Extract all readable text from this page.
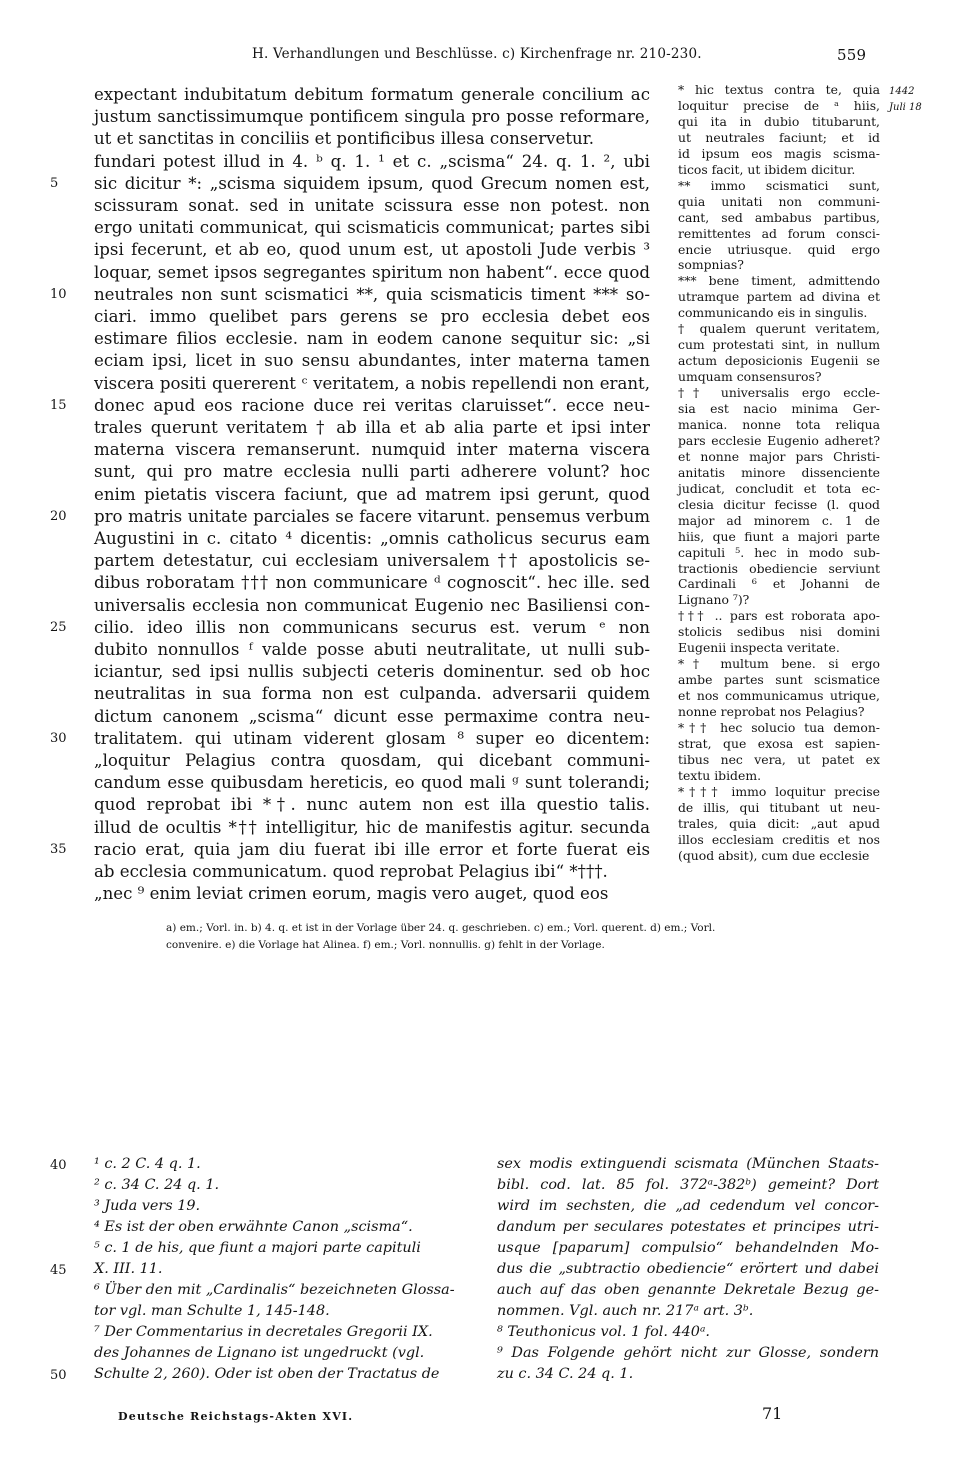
H. Verhandlungen und Beschlüsse. c) Kirchenfrage nr. 210-230.	559
expectant indubitatum debitum formatum generale concilium ac
justum sanctissimumque pontificem singula pro posse reformare,
ut et sanctitas in conciliis et pontificibus illesa conservetur.
fundari potest illud in 4. ᵇ q. 1. ¹ et c. „scisma“ 24. q. 1. ², ubi
sic dicitur *: „scisma siquidem ipsum, quod Grecum nomen est,
5
scissuram sonat. sed in unitate scissura esse non potest. non
ergo unitati communicat, qui scismaticis communicat; partes sibi
ipsi fecerunt, et ab eo, quod unum est, ut apostoli Jude verbis ³
loquar, semet ipsos segregantes spiritum non habent“. ecce quod
neutrales non sunt scismatici **, quia scismaticis timent *** so-
10
ciari. immo quelibet pars gerens se pro ecclesia debet eos
estimare filios ecclesie. nam in eodem canone sequitur sic: „si
eciam ipsi, licet in suo sensu abundantes, inter materna tamen
viscera positi quererent ᶜ veritatem, a nobis repellendi non erant,
donec apud eos racione duce rei veritas claruisset“. ecce neu-
15
trales querunt veritatem † ab illa et ab alia parte et ipsi inter
materna viscera remanserunt. numquid inter materna viscera
sunt, qui pro matre ecclesia nulli parti adherere volunt? hoc
enim pietatis viscera faciunt, que ad matrem ipsi gerunt, quod
pro matris unitate parciales se facere vitarunt. pensemus verbum
20
Augustini in c. citato ⁴ dicentis: „omnis catholicus securus eam
partem detestatur, cui ecclesiam universalem †† apostolicis se-
dibus roboratam ††† non communicare ᵈ cognoscit“. hec ille. sed
universalis ecclesia non communicat Eugenio nec Basiliensi con-
cilio. ideo illis non communicans securus est. verum ᵉ non
25
dubito nonnullos ᶠ valde posse abuti neutralitate, ut nulli sub-
iciantur, sed ipsi nullis subjecti ceteris dominentur. sed ob hoc
neutralitas in sua forma non est culpanda. adversarii quidem
dictum canonem „scisma“ dicunt esse permaxime contra neu-
tralitatem. qui utinam viderent glosam ⁸ super eo dicentem:
30
„loquitur Pelagius contra quosdam, qui dicebant communi-
candum esse quibusdam hereticis, eo quod mali ᵍ sunt tolerandi;
quod reprobat ibi *†. nunc autem non est illa questio talis.
illud de ocultis *†† intelligitur, hic de manifestis agitur. secunda
racio erat, quia jam diu fuerat ibi ille error et forte fuerat eis
35
ab ecclesia communicatum. quod reprobat Pelagius ibi“ *†††.
„nec ⁹ enim leviat crimen eorum, magis vero auget, quod eos
* hic textus contra te, quia
loquitur precise de ᵃ hiis,
qui ita in dubio titubarunt,
ut neutrales faciunt; et id
id ipsum eos magis scisma-
ticos facit, ut ibidem dicitur.
** immo scismatici sunt,
quia unitati non communi-
cant, sed ambabus partibus,
remittentes ad forum consci-
encie utriusque. quid ergo
sompnias?
*** bene timent, admittendo
utramque partem ad divina et
communicando eis in singulis.
† qualem querunt veritatem,
cum protestati sint, in nullum
actum deposicionis Eugenii se
umquam consensuros?
†† universalis ergo eccle-
sia est nacio minima Ger-
manica. nonne tota reliqua
pars ecclesie Eugenio adheret?
et nonne major pars Christi-
anitatis minore dissenciente
judicat, concludit et tota ec-
clesia dicitur fecisse (l. quod
major ad minorem c. 1 de
hiis, que fiunt a majori parte
capituli ⁵. hec in modo sub-
tractionis obediencie serviunt
Cardinali ⁶ et Johanni de
Lignano ⁷)?
††† .. pars est roborata apo-
stolicis sedibus nisi domini
Eugenii inspecta veritate.
*† multum bene. si ergo
ambe partes sunt scismatice
et nos communicamus utrique,
nonne reprobat nos Pelagius?
*†† hec solucio tua demon-
strat, que exosa est sapien-
tibus nec vera, ut patet ex
textu ibidem.
*††† immo loquitur precise
de illis, qui titubant ut neu-
trales, quia dicit: „aut apud
illos ecclesiam creditis et nos
(quod absit), cum due ecclesie
1442
Juli 18
a) em.; Vorl. in. b) 4. q. et ist in der Vorlage über 24. q. geschrieben. c) em.; Vorl. querent. d) em.; Vorl.
convenire. e) die Vorlage hat Alinea. f) em.; Vorl. nonnullis. g) fehlt in der Vorlage.
¹ c. 2 C. 4 q. 1.
40
² c. 34 C. 24 q. 1.
³ Juda vers 19.
⁴ Es ist der oben erwähnte Canon „scisma“.
⁵ c. 1 de his, que fiunt a majori parte capituli
X. III. 11.
45
⁶ Über den mit „Cardinalis“ bezeichneten Glossa-
tor vgl. man Schulte 1, 145-148.
⁷ Der Commentarius in decretales Gregorii IX.
des Johannes de Lignano ist ungedruckt (vgl.
Schulte 2, 260). Oder ist oben der Tractatus de
50
sex modis extinguendi scismata (München Staats-
bibl. cod. lat. 85 fol. 372ᵃ-382ᵇ) gemeint? Dort
wird im sechsten, die „ad cedendum vel concor-
dandum per seculares potestates et principes utri-
usque [paparum] compulsio“ behandelnden Mo-
dus die „subtractio obediencie“ erörtert und dabei
auch auf das oben genannte Dekretale Bezug ge-
nommen. Vgl. auch nr. 217ᵃ art. 3ᵇ.
⁸ Teuthonicus vol. 1 fol. 440ᵃ.
⁹ Das Folgende gehört nicht zur Glosse, sondern
zu c. 34 C. 24 q. 1.
Deutsche Reichstags-Akten XVI.	71
